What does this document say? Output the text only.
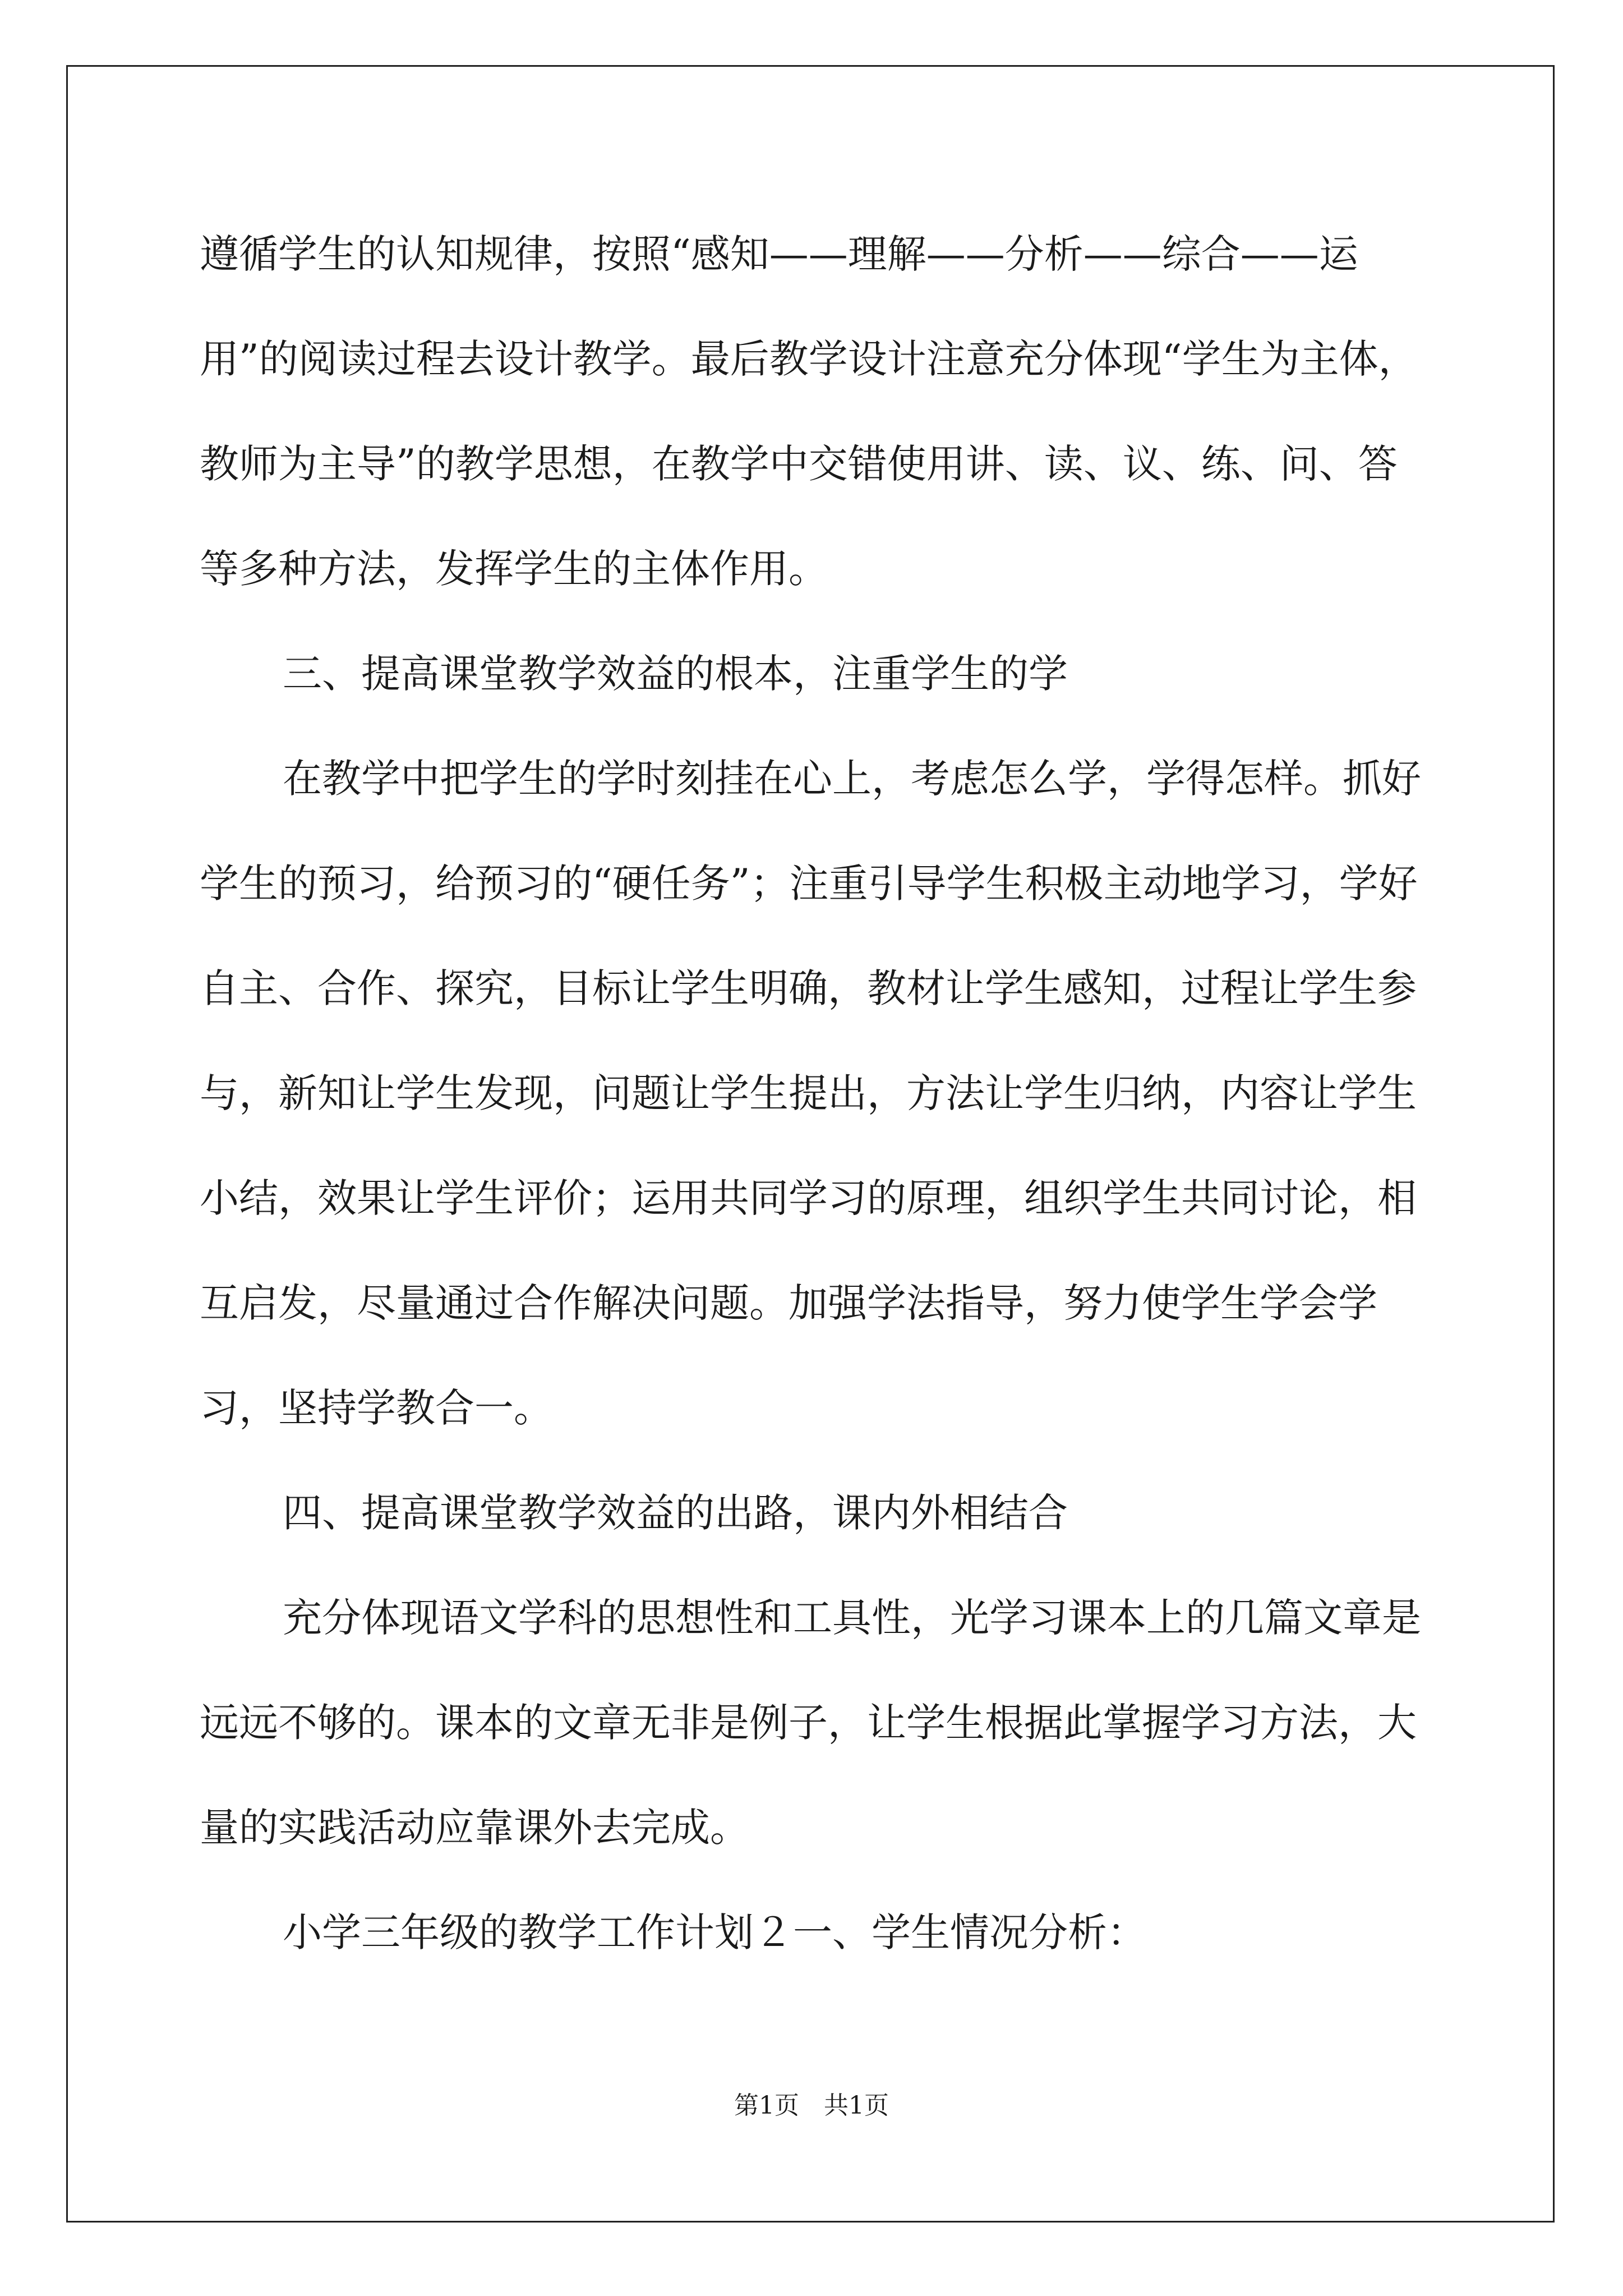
遵循学生的认知规律，按照“感知——理解——分析——综合——运用”的阅读过程去设计教学。最后教学设计注意充分体现“学生为主体，教师为主导”的教学思想，在教学中交错使用讲、读、议、练、问、答等多种方法，发挥学生的主体作用。

三、提高课堂教学效益的根本，注重学生的学

在教学中把学生的学时刻挂在心上，考虑怎么学，学得怎样。抓好学生的预习，给预习的“硬任务”；注重引导学生积极主动地学习，学好自主、合作、探究，目标让学生明确，教材让学生感知，过程让学生参与，新知让学生发现，问题让学生提出，方法让学生归纳，内容让学生小结，效果让学生评价；运用共同学习的原理，组织学生共同讨论，相互启发，尽量通过合作解决问题。加强学法指导，努力使学生学会学习，坚持学教合一。

四、提高课堂教学效益的出路，课内外相结合

充分体现语文学科的思想性和工具性，光学习课本上的几篇文章是远远不够的。课本的文章无非是例子，让学生根据此掌握学习方法，大量的实践活动应靠课外去完成。

小学三年级的教学工作计划２一、学生情况分析：

第1页 共1页
